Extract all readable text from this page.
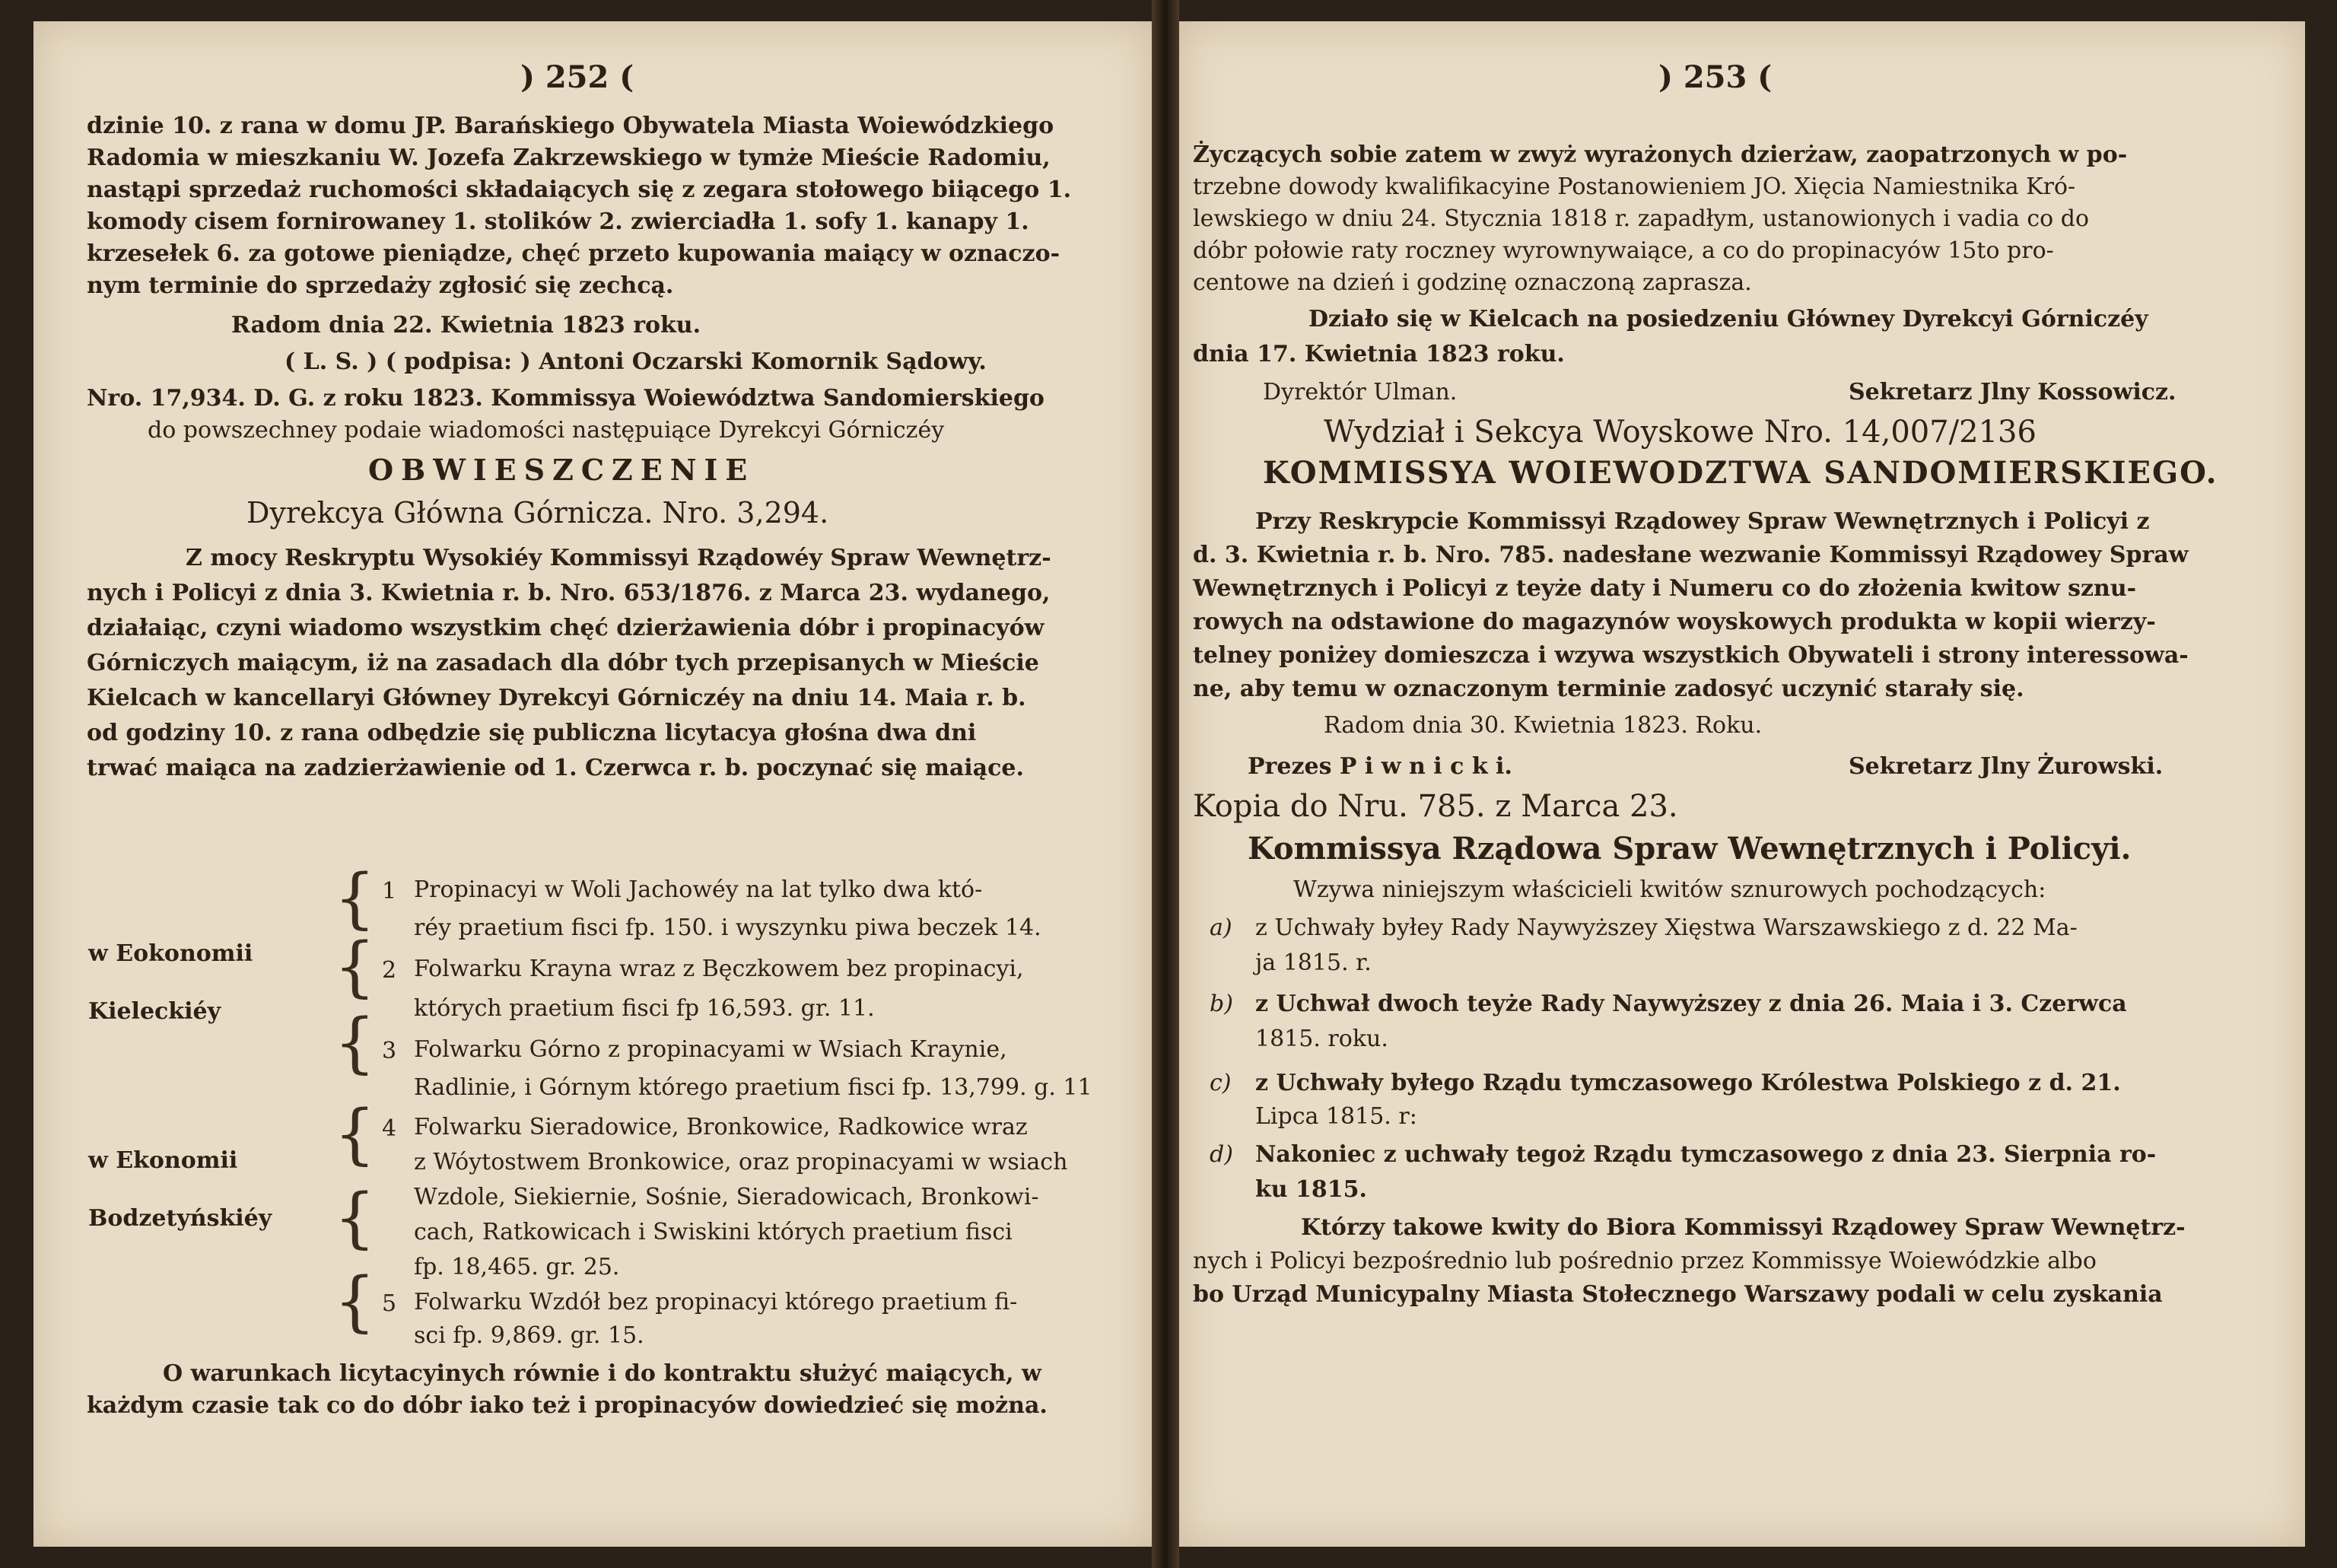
) 252 (
dzinie 10. z rana w domu JP. Barańskiego Obywatela Miasta Woiewódzkiego
Radomia w mieszkaniu W. Jozefa Zakrzewskiego w tymże Mieście Radomiu,
nastąpi sprzedaż ruchomości składaiących się z zegara stołowego biiącego 1.
komody cisem fornirowaney 1. stolików 2. zwierciadła 1. sofy 1. kanapy 1.
krzesełek 6. za gotowe pieniądze, chęć przeto kupowania maiący w oznaczo-
nym terminie do sprzedaży zgłosić się zechcą.
Radom dnia 22. Kwietnia 1823 roku.
( L. S. ) ( podpisa: ) Antoni Oczarski Komornik Sądowy.
Nro. 17,934. D. G. z roku 1823. Kommissya Woiewództwa Sandomierskiego
do powszechney podaie wiadomości następuiące Dyrekcyi Górniczéy
OBWIESZCZENIE
Dyrekcya Główna Górnicza. Nro. 3,294.
Z mocy Reskryptu Wysokiéy Kommissyi Rządowéy Spraw Wewnętrz-
nych i Policyi z dnia 3. Kwietnia r. b. Nro. 653/1876. z Marca 23. wydanego,
działaiąc, czyni wiadomo wszystkim chęć dzierżawienia dóbr i propinacyów
Górniczych maiącym, iż na zasadach dla dóbr tych przepisanych w Mieście
Kielcach w kancellaryi Główney Dyrekcyi Górniczéy na dniu 14. Maia r. b.
od godziny 10. z rana odbędzie się publiczna licytacya głośna dwa dni
trwać maiąca na zadzierżawienie od 1. Czerwca r. b. poczynać się maiące.
w Eokonomii
Kieleckiéy
w Ekonomii
Bodzetyńskiéy
{
{
{
{
{
{
1 Propinacyi w Woli Jachowéy na lat tylko dwa któ-
réy praetium fisci fp. 150. i wyszynku piwa beczek 14.
2 Folwarku Krayna wraz z Bęczkowem bez propinacyi,
których praetium fisci fp 16,593. gr. 11.
3 Folwarku Górno z propinacyami w Wsiach Kraynie,
Radlinie, i Górnym którego praetium fisci fp. 13,799. g. 11
4 Folwarku Sieradowice, Bronkowice, Radkowice wraz
z Wóytostwem Bronkowice, oraz propinacyami w wsiach
Wzdole, Siekiernie, Sośnie, Sieradowicach, Bronkowi-
cach, Ratkowicach i Swiskini których praetium fisci
fp. 18,465. gr. 25.
5 Folwarku Wzdół bez propinacyi którego praetium fi-
sci fp. 9,869. gr. 15.
O warunkach licytacyinych równie i do kontraktu służyć maiących, w
każdym czasie tak co do dóbr iako też i propinacyów dowiedzieć się można.
) 253 (
Życzących sobie zatem w zwyż wyrażonych dzierżaw, zaopatrzonych w po-
trzebne dowody kwalifikacyine Postanowieniem JO. Xięcia Namiestnika Kró-
lewskiego w dniu 24. Stycznia 1818 r. zapadłym, ustanowionych i vadia co do
dóbr połowie raty roczney wyrownywaiące, a co do propinacyów 15to pro-
centowe na dzień i godzinę oznaczoną zaprasza.
Działo się w Kielcach na posiedzeniu Główney Dyrekcyi Górniczéy
dnia 17. Kwietnia 1823 roku.
Dyrektór Ulman.	Sekretarz Jlny Kossowicz.
Wydział i Sekcya Woyskowe Nro. 14,007/2136
KOMMISSYA WOIEWODZTWA SANDOMIERSKIEGO.
Przy Reskrypcie Kommissyi Rządowey Spraw Wewnętrznych i Policyi z
d. 3. Kwietnia r. b. Nro. 785. nadesłane wezwanie Kommissyi Rządowey Spraw
Wewnętrznych i Policyi z teyże daty i Numeru co do złożenia kwitow sznu-
rowych na odstawione do magazynów woyskowych produkta w kopii wierzy-
telney poniżey domieszcza i wzywa wszystkich Obywateli i strony interessowa-
ne, aby temu w oznaczonym terminie zadosyć uczynić starały się.
Radom dnia 30. Kwietnia 1823. Roku.
Prezes P i w n i c k i.	Sekretarz Jlny Żurowski.
Kopia do Nru. 785. z Marca 23.
Kommissya Rządowa Spraw Wewnętrznych i Policyi.
Wzywa niniejszym właścicieli kwitów sznurowych pochodzących:
a) z Uchwały byłey Rady Naywyższey Xięstwa Warszawskiego z d. 22 Ma-
ja 1815. r.
b) z Uchwał dwoch teyże Rady Naywyższey z dnia 26. Maia i 3. Czerwca
1815. roku.
c) z Uchwały byłego Rządu tymczasowego Królestwa Polskiego z d. 21.
Lipca 1815. r:
d) Nakoniec z uchwały tegoż Rządu tymczasowego z dnia 23. Sierpnia ro-
ku 1815.
Którzy takowe kwity do Biora Kommissyi Rządowey Spraw Wewnętrz-
nych i Policyi bezpośrednio lub pośrednio przez Kommissye Woiewódzkie albo
bo Urząd Municypalny Miasta Stołecznego Warszawy podali w celu zyskania
